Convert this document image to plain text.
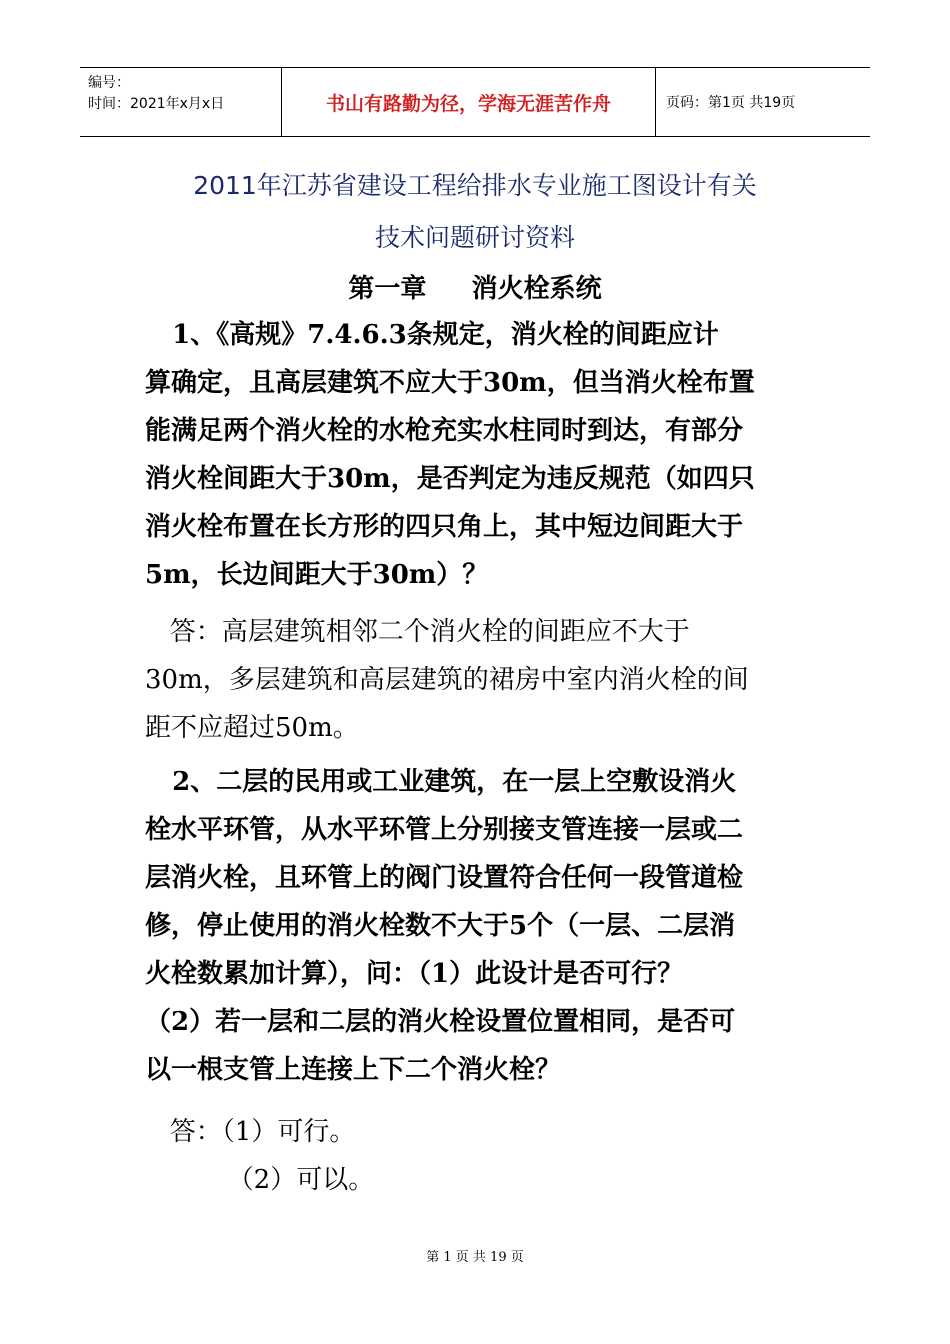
编号：
时间：2021年x月x日	书山有路勤为径，学海无涯苦作舟	页码：第1页 共19页
2011年江苏省建设工程给排水专业施工图设计有关
技术问题研讨资料
第一章     消火栓系统
1、《高规》7.4.6.3条规定，消火栓的间距应计
算确定，且高层建筑不应大于30m，但当消火栓布置
能满足两个消火栓的水枪充实水柱同时到达，有部分
消火栓间距大于30m，是否判定为违反规范（如四只
消火栓布置在长方形的四只角上，其中短边间距大于
5m，长边间距大于30m）？
答：高层建筑相邻二个消火栓的间距应不大于
30m，多层建筑和高层建筑的裙房中室内消火栓的间
距不应超过50m。
2、二层的民用或工业建筑，在一层上空敷设消火
栓水平环管，从水平环管上分别接支管连接一层或二
层消火栓，且环管上的阀门设置符合任何一段管道检
修，停止使用的消火栓数不大于5个（一层、二层消
火栓数累加计算），问：（1）此设计是否可行？
（2）若一层和二层的消火栓设置位置相同，是否可
以一根支管上连接上下二个消火栓？
答：（1）可行。
（2）可以。
第 1 页 共 19 页
